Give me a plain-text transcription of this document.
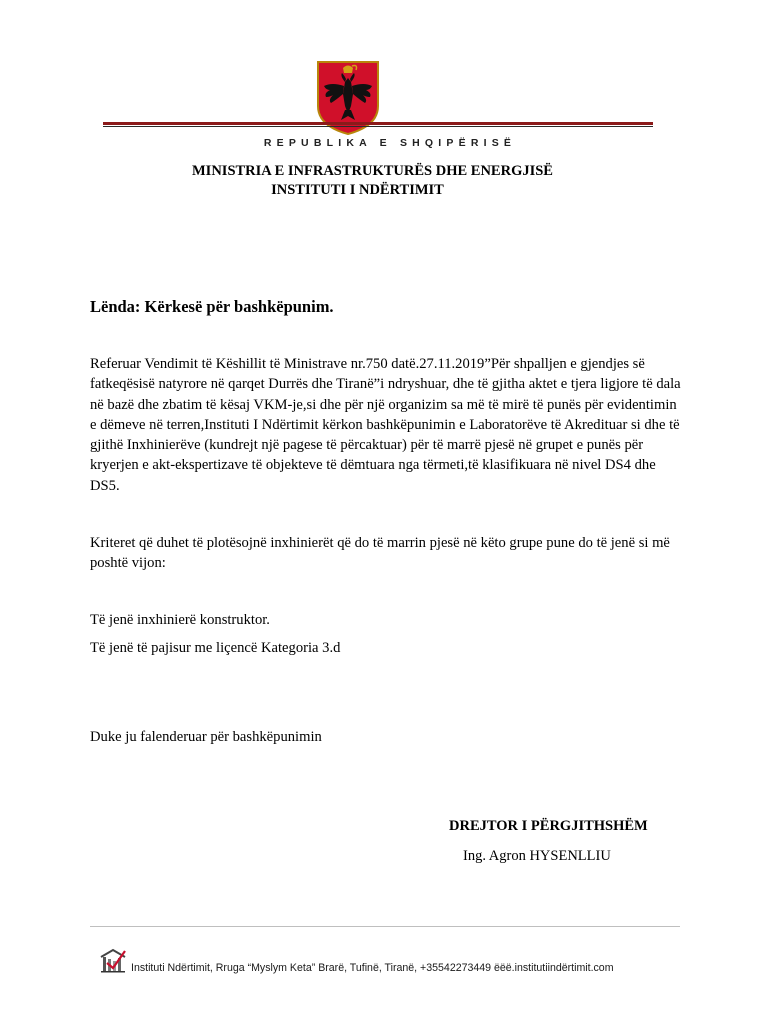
REPUBLIKA E SHQIPËRISË
MINISTRIA E INFRASTRUKTURËS DHE ENERGJISË
INSTITUTI I NDËRTIMIT
Lënda: Kërkesë për bashkëpunim.
Referuar Vendimit të Këshillit të Ministrave nr.750 datë.27.11.2019”Për shpalljen e gjendjes së fatkeqësisë natyrore në qarqet Durrës dhe Tiranë”i ndryshuar, dhe të gjitha aktet e tjera ligjore të dala në bazë dhe zbatim të kësaj VKM-je,si dhe për një organizim sa më të mirë të punës për evidentimin e dëmeve në terren,Instituti I Ndërtimit kërkon bashkëpunimin e Laboratorëve të Akredituar si dhe të gjithë Inxhinierëve (kundrejt një pagese të përcaktuar) për të marrë pjesë në grupet e punës për kryerjen e akt-ekspertizave të objekteve të dëmtuara nga tërmeti,të klasifikuara në nivel DS4 dhe DS5.
Kriteret që duhet të plotësojnë inxhinierët që do të marrin pjesë në këto grupe pune do të jenë si më poshtë vijon:
Të jenë inxhinierë konstruktor.
Të jenë të pajisur me liçencë Kategoria 3.d
Duke ju falenderuar për bashkëpunimin
DREJTOR I PËRGJITHSHËM
Ing. Agron HYSENLLIU
Instituti Ndërtimit, Rruga “Myslym Keta” Brarë, Tufinë, Tiranë, +35542273449 ëëë.institutiindërtimit.com
